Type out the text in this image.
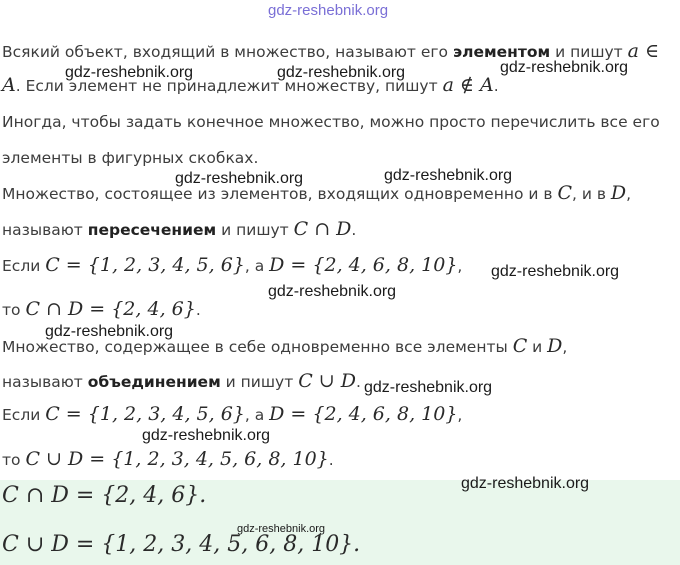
Всякий объект, входящий в множество, называют его элементом и пишут a ∈
A. Если элемент не принадлежит множеству, пишут a ∉ A.
Иногда, чтобы задать конечное множество, можно просто перечислить все его
элементы в фигурных скобках.
Множество, состоящее из элементов, входящих одновременно и в C, и в D,
называют пересечением и пишут C ∩ D.
Если C = {1, 2, 3, 4, 5, 6}, а D = {2, 4, 6, 8, 10},
то C ∩ D = {2, 4, 6}.
Множество, содержащее в себе одновременно все элементы C и D,
называют объединением и пишут C ∪ D.
Если C = {1, 2, 3, 4, 5, 6}, а D = {2, 4, 6, 8, 10},
то C ∪ D = {1, 2, 3, 4, 5, 6, 8, 10}.
C ∩ D = {2, 4, 6}.
C ∪ D = {1, 2, 3, 4, 5, 6, 8, 10}.
gdz-reshebnik.org
gdz-reshebnik.org	gdz-reshebnik.org	gdz-reshebnik.org
gdz-reshebnik.org	gdz-reshebnik.org
gdz-reshebnik.org
gdz-reshebnik.org
gdz-reshebnik.org
gdz-reshebnik.org
gdz-reshebnik.org
gdz-reshebnik.org
gdz-reshebnik.org
